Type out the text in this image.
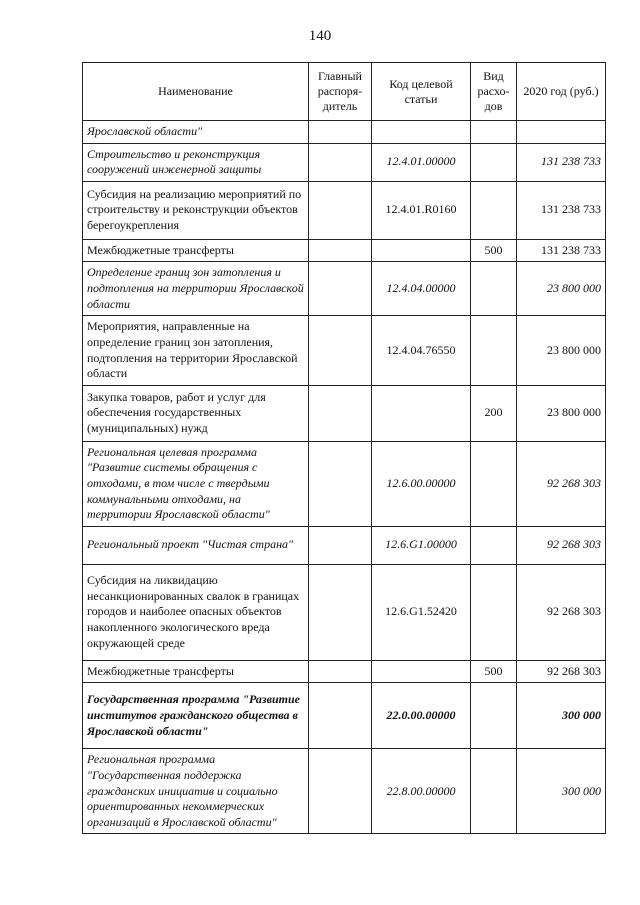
140
Наименование	Главный распоря-дитель	Код целевой статьи	Вид расхо-дов	2020 год (руб.)
Ярославской области"				
Строительство и реконструкция сооружений инженерной защиты		12.4.01.00000		131 238 733
Субсидия на реализацию мероприятий по строительству и реконструкции объектов берегоукрепления		12.4.01.R0160		131 238 733
Межбюджетные трансферты			500	131 238 733
Определение границ зон затопления и подтопления на территории Ярославской области		12.4.04.00000		23 800 000
Мероприятия, направленные на определение границ зон затопления, подтопления на территории Ярославской области		12.4.04.76550		23 800 000
Закупка товаров, работ и услуг для обеспечения государственных (муниципальных) нужд			200	23 800 000
Региональная целевая программа "Развитие системы обращения с отходами, в том числе с твердыми коммунальными отходами, на территории Ярославской области"		12.6.00.00000		92 268 303
Региональный проект "Чистая страна"		12.6.G1.00000		92 268 303
Субсидия на ликвидацию несанкционированных свалок в границах городов и наиболее опасных объектов накопленного экологического вреда окружающей среде		12.6.G1.52420		92 268 303
Межбюджетные трансферты			500	92 268 303
Государственная программа "Развитие институтов гражданского общества в Ярославской области"		22.0.00.00000		300 000
Региональная программа "Государственная поддержка гражданских инициатив и социально ориентированных некоммерческих организаций в Ярославской области"		22.8.00.00000		300 000
